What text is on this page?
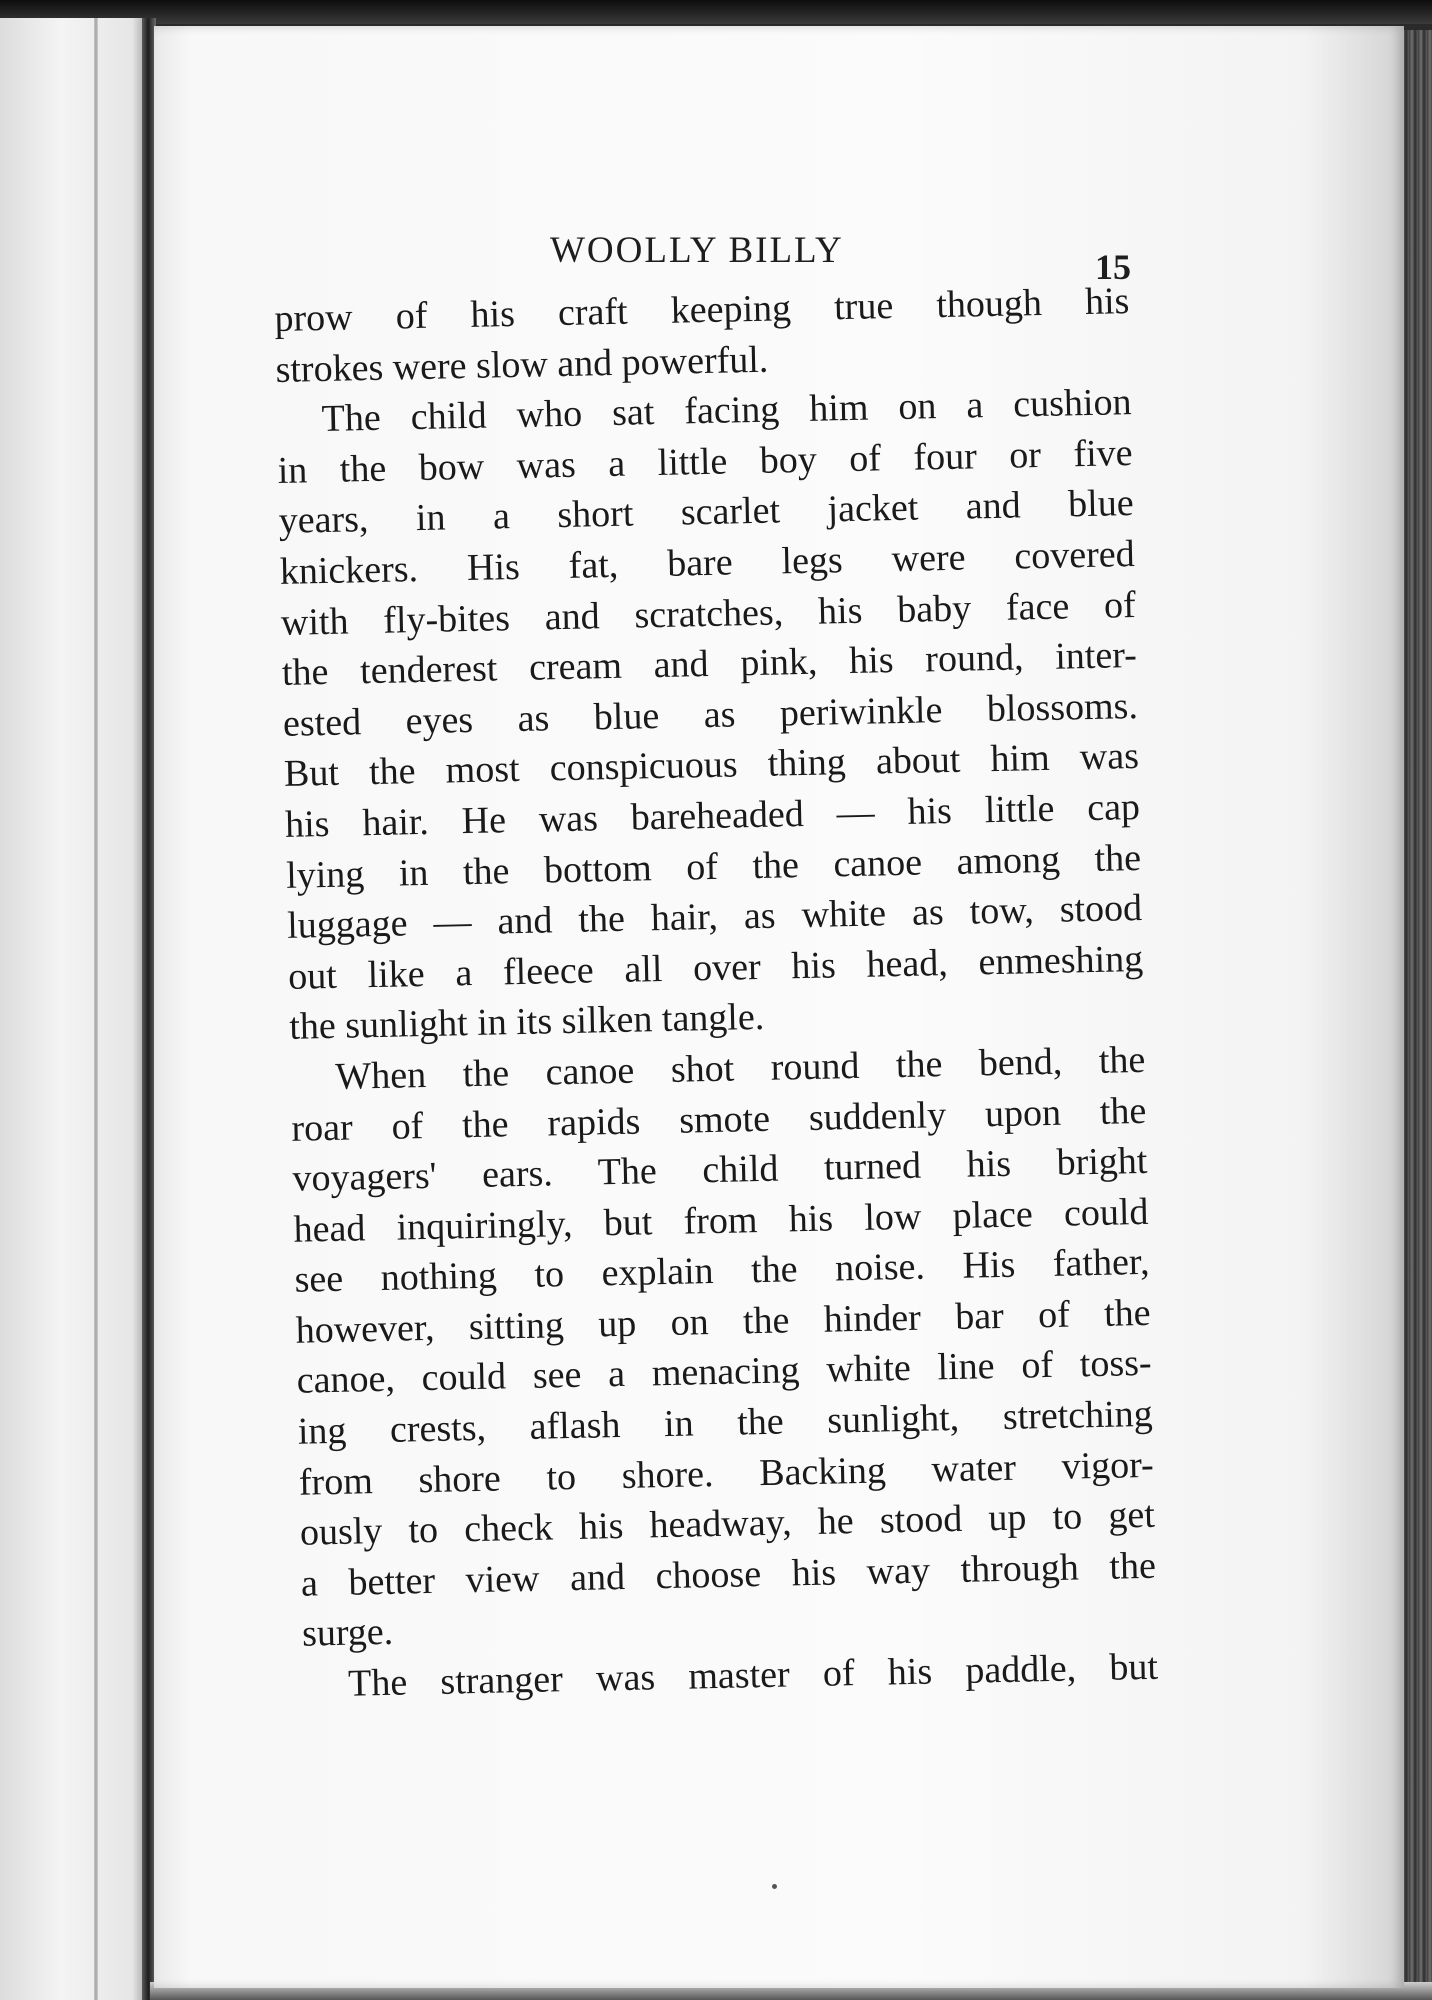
WOOLLY BILLY	15
prow of his craft keeping true though his
strokes were slow and powerful.
The child who sat facing him on a cushion
in the bow was a little boy of four or five
years, in a short scarlet jacket and blue
knickers. His fat, bare legs were covered
with fly-bites and scratches, his baby face of
the tenderest cream and pink, his round, inter-
ested eyes as blue as periwinkle blossoms.
But the most conspicuous thing about him was
his hair. He was bareheaded — his little cap
lying in the bottom of the canoe among the
luggage — and the hair, as white as tow, stood
out like a fleece all over his head, enmeshing
the sunlight in its silken tangle.
When the canoe shot round the bend, the
roar of the rapids smote suddenly upon the
voyagers' ears. The child turned his bright
head inquiringly, but from his low place could
see nothing to explain the noise. His father,
however, sitting up on the hinder bar of the
canoe, could see a menacing white line of toss-
ing crests, aflash in the sunlight, stretching
from shore to shore. Backing water vigor-
ously to check his headway, he stood up to get
a better view and choose his way through the
surge.
The stranger was master of his paddle, but
